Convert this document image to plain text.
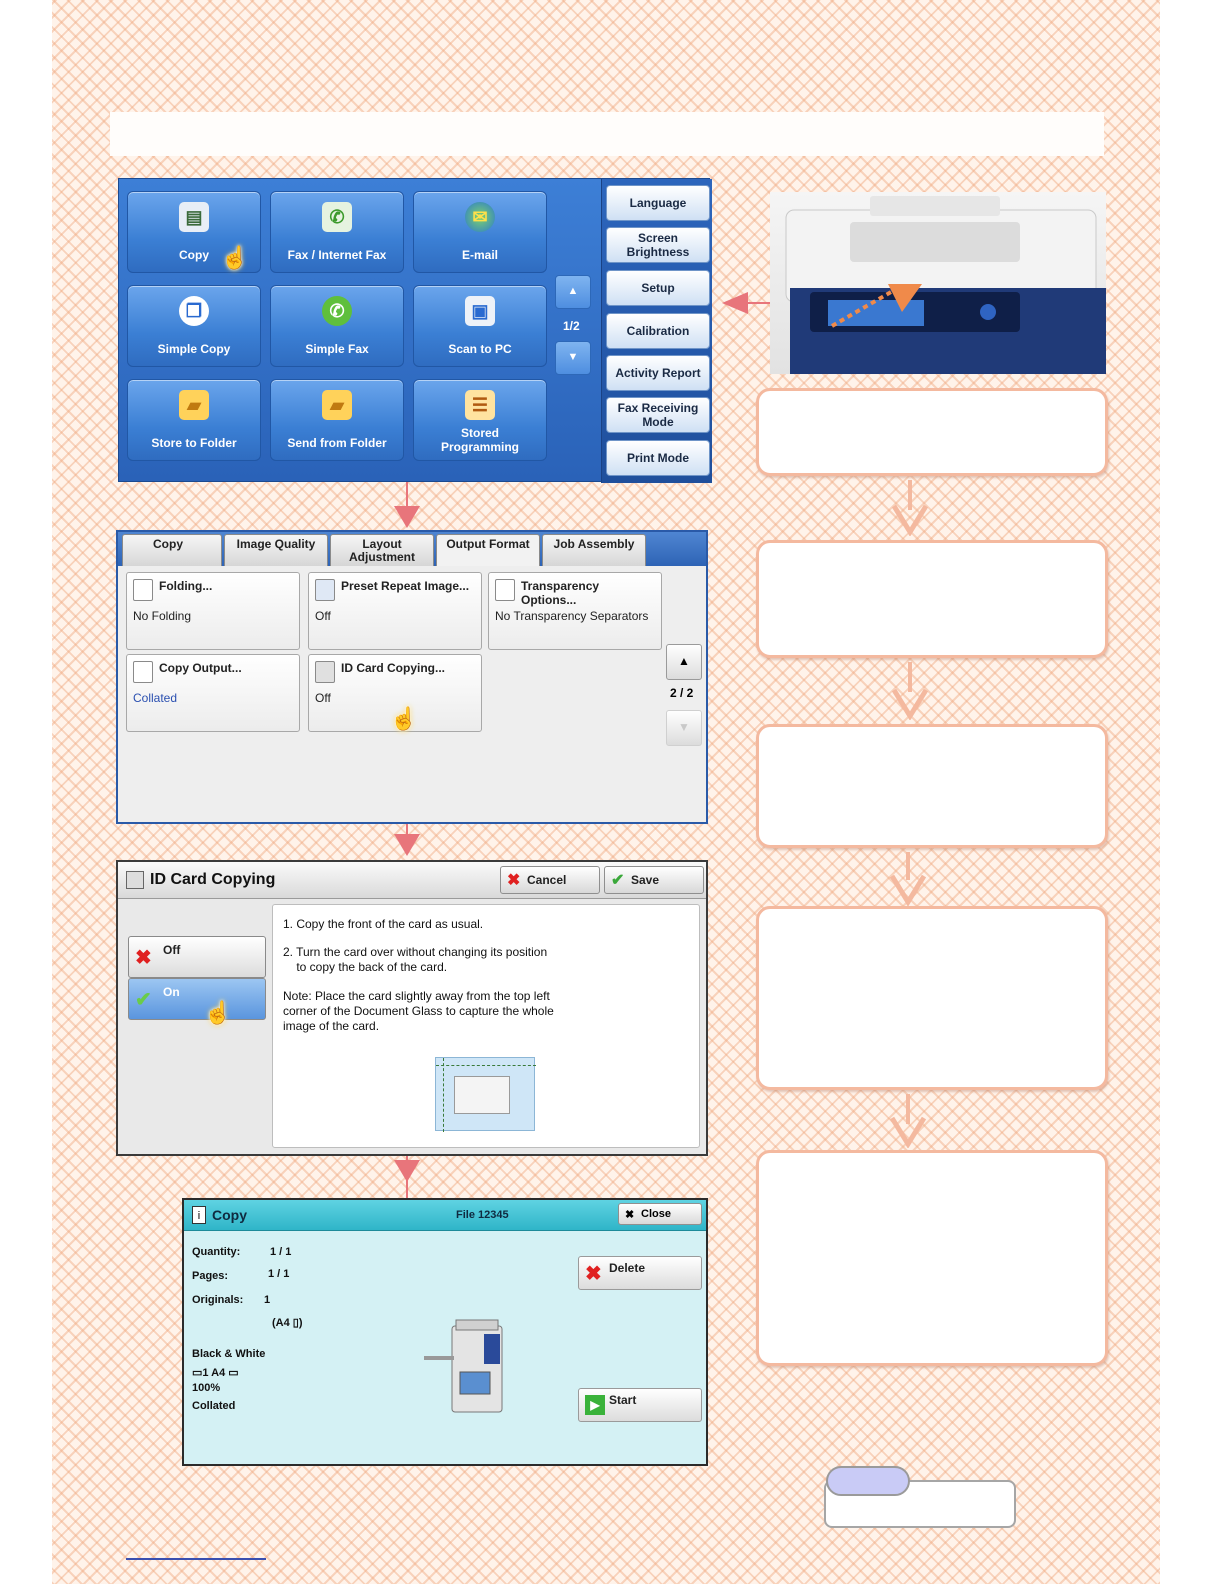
▤
Copy
✆
Fax / Internet Fax
✉
E-mail
❐
Simple Copy
✆
Simple Fax
▣
Scan to PC
▰
Store to Folder
▰
Send from Folder
☰
Stored
Programming
☝
▲
1/2
▼
Language
Screen
Brightness
Setup
Calibration
Activity Report
Fax Receiving
Mode
Print Mode
Copy	Image Quality	Layout
Adjustment
Output Format	Job Assembly
Folding...
No Folding
Preset Repeat Image...
Off
Transparency
Options...
No Transparency Separators
Copy Output...
Collated
ID Card Copying...
Off
☝
▲
2 / 2
▼
ID Card Copying	✖ Cancel	✔ Save
✖ Off
✔ On
☝

1. Copy the front of the card as usual.

2. Turn the card over without changing its position
to copy the back of the card.

Note: Place the card slightly away from the top left
corner of the Document Glass to capture the whole
image of the card.

i Copy	File 12345	✖ Close
Quantity:	1 / 1
Pages:	1 / 1
Originals: 1
(A4 ▯)
Black & White
▭1 A4 ▭
100%
Collated
✖ Delete
▶ Start
